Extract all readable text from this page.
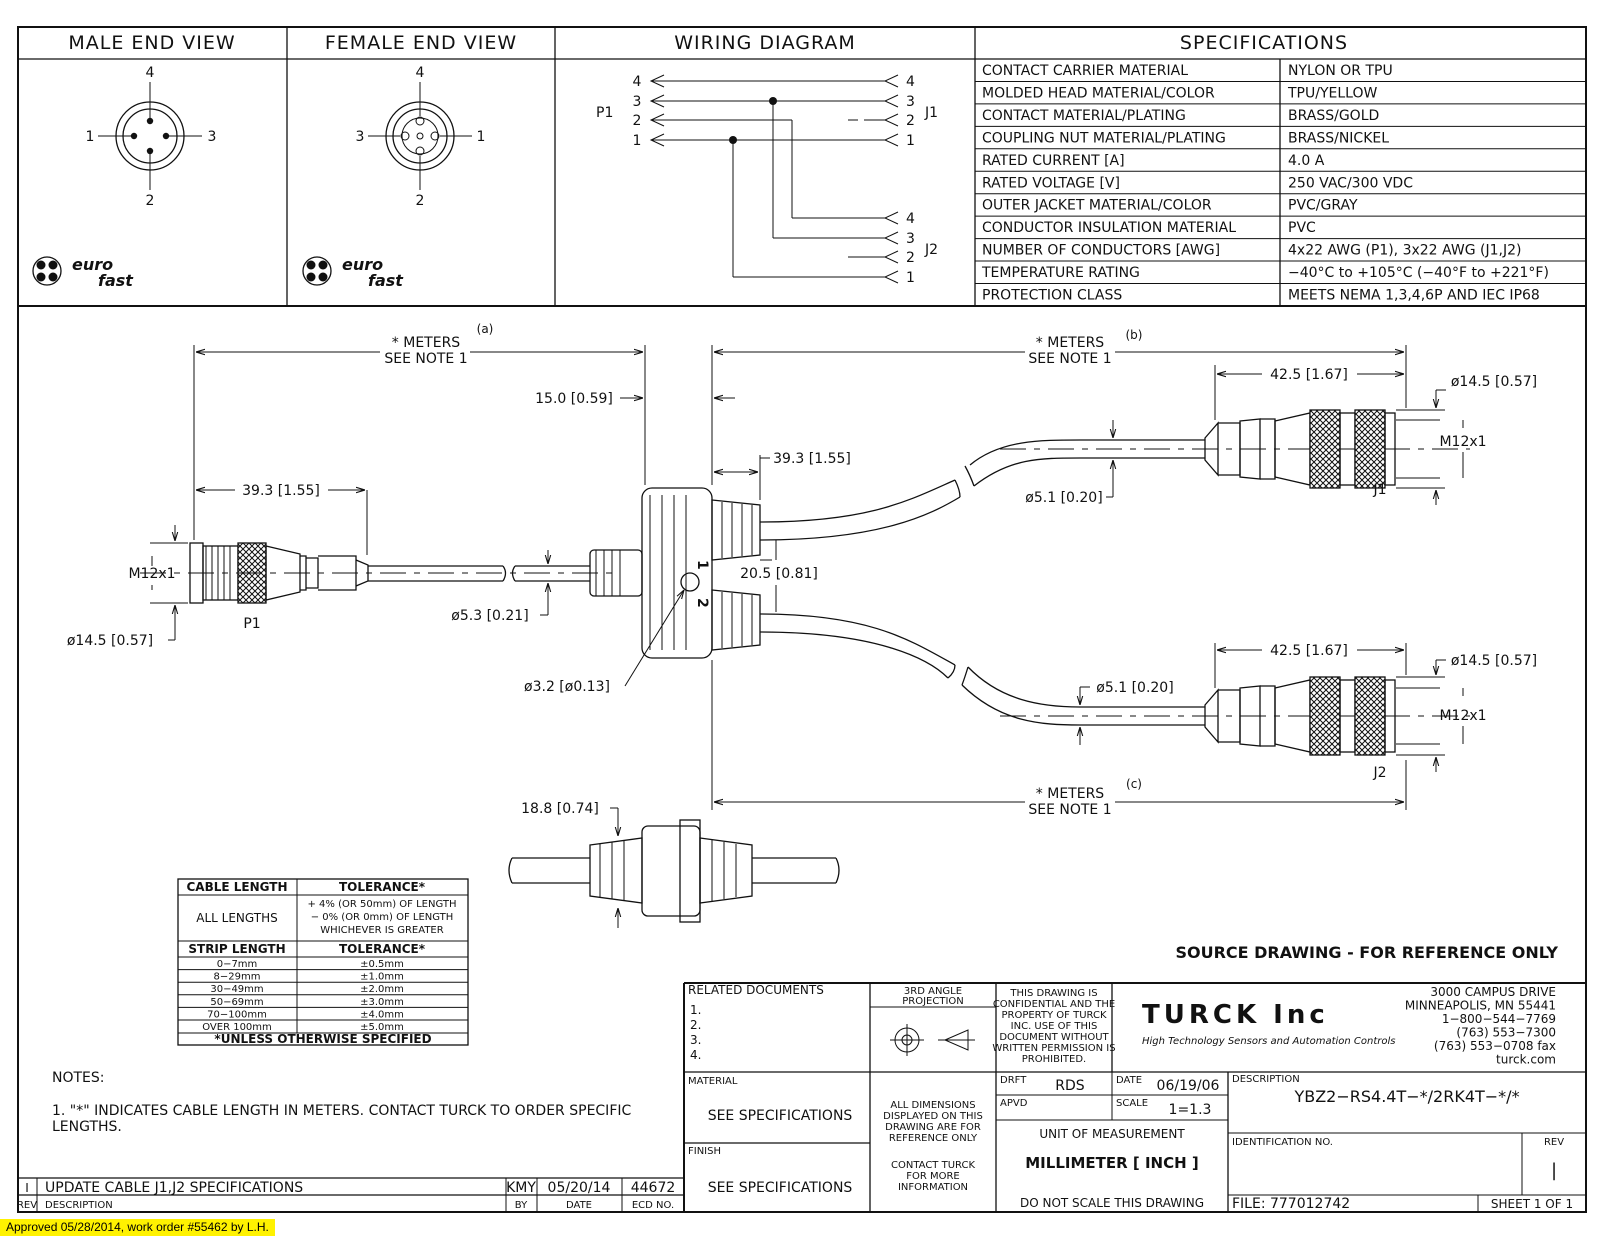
MALE END VIEW	FEMALE END VIEW	WIRING DIAGRAM	SPECIFICATIONS
4
1	3
2
euro
fast
4
3	1
2
euro
fast
4
3
2
1
4
3
2
1
4
3
2
1
P1	J1
J2
CONTACT CARRIER MATERIAL	NYLON OR TPU
MOLDED HEAD MATERIAL/COLOR	TPU/YELLOW
CONTACT MATERIAL/PLATING	BRASS/GOLD
COUPLING NUT MATERIAL/PLATING	BRASS/NICKEL
RATED CURRENT [A]	4.0 A
RATED VOLTAGE [V]	250 VAC/300 VDC
OUTER JACKET MATERIAL/COLOR	PVC/GRAY
CONDUCTOR INSULATION MATERIAL	PVC
NUMBER OF CONDUCTORS [AWG]	4x22 AWG (P1), 3x22 AWG (J1,J2)
TEMPERATURE RATING	−40°C to +105°C (−40°F to +221°F)
PROTECTION CLASS	MEETS NEMA 1,3,4,6P AND IEC IP68
1
2
* METERS
SEE NOTE 1
(a)
* METERS
SEE NOTE 1
(b)
* METERS
SEE NOTE 1
(c)
15.0 [0.59]
39.3 [1.55]
39.3 [1.55]
M12x1
ø14.5 [0.57]
P1	ø5.3 [0.21]
20.5 [0.81]
ø3.2 [ø0.13]
ø5.1 [0.20]
ø5.1 [0.20]
42.5 [1.67]
42.5 [1.67]
ø14.5 [0.57]
M12x1
J1
ø14.5 [0.57]
M12x1
J2
18.8 [0.74]
CABLE LENGTH	TOLERANCE*
ALL LENGTHS
+ 4% (OR 50mm) OF LENGTH
− 0% (OR 0mm) OF LENGTH
WHICHEVER IS GREATER
STRIP LENGTH	TOLERANCE*
0−7mm	±0.5mm
8−29mm	±1.0mm
30−49mm	±2.0mm
50−69mm	±3.0mm
70−100mm	±4.0mm
OVER 100mm	±5.0mm
*UNLESS OTHERWISE SPECIFIED
SOURCE DRAWING - FOR REFERENCE ONLY
NOTES:
1. "*" INDICATES CABLE LENGTH IN METERS. CONTACT TURCK TO ORDER SPECIFIC
LENGTHS.
I UPDATE CABLE J1,J2 SPECIFICATIONS	KMY 05/20/14 44672
REV DESCRIPTION	BY	DATE	ECD NO.
RELATED DOCUMENTS
1.
2.
3.
4.
3RD ANGLE
PROJECTION
THIS DRAWING IS
CONFIDENTIAL AND THE
PROPERTY OF TURCK
INC. USE OF THIS
DOCUMENT WITHOUT
WRITTEN PERMISSION IS
PROHIBITED.
TURCK Inc
High Technology Sensors and Automation Controls
3000 CAMPUS DRIVE
MINNEAPOLIS, MN 55441
1−800−544−7769
(763) 553−7300
(763) 553−0708 fax
turck.com
MATERIAL
SEE SPECIFICATIONS
FINISH
SEE SPECIFICATIONS
ALL DIMENSIONS
DISPLAYED ON THIS
DRAWING ARE FOR
REFERENCE ONLY
CONTACT TURCK
FOR MORE
INFORMATION
DRFT RDS	DATE 06/19/06
APVD	SCALE 1=1.3
UNIT OF MEASUREMENT
MILLIMETER [ INCH ]
DO NOT SCALE THIS DRAWING
DESCRIPTION
YBZ2−RS4.4T−*/2RK4T−*/*
IDENTIFICATION NO.	REV
|
FILE: 777012742	SHEET 1 OF 1
Approved 05/28/2014, work order #55462 by L.H.
